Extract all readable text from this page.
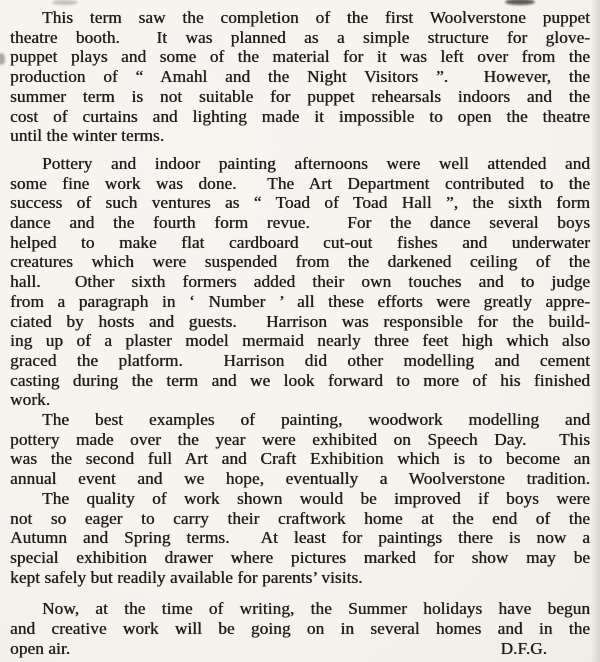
This term saw the completion of the first Woolverstone puppet
theatre booth.  It was planned as a simple structure for glove-
puppet plays and some of the material for it was left over from the
production of “ Amahl and the Night Visitors ”.  However, the
summer term is not suitable for puppet rehearsals indoors and the
cost of curtains and lighting made it impossible to open the theatre
until the winter terms.
Pottery and indoor painting afternoons were well attended and
some fine work was done.  The Art Department contributed to the
success of such ventures as “ Toad of Toad Hall ”, the sixth form
dance and the fourth form revue.  For the dance several boys
helped to make flat cardboard cut-out fishes and underwater
creatures which were suspended from the darkened ceiling of the
hall.  Other sixth formers added their own touches and to judge
from a paragraph in ‘ Number ’ all these efforts were greatly appre-
ciated by hosts and guests.  Harrison was responsible for the build-
ing up of a plaster model mermaid nearly three feet high which also
graced the platform.  Harrison did other modelling and cement
casting during the term and we look forward to more of his finished
work.
The best examples of painting, woodwork modelling and
pottery made over the year were exhibited on Speech Day.  This
was the second full Art and Craft Exhibition which is to become an
annual event and we hope, eventually a Woolverstone tradition.
The quality of work shown would be improved if boys were
not so eager to carry their craftwork home at the end of the
Autumn and Spring terms.  At least for paintings there is now a
special exhibition drawer where pictures marked for show may be
kept safely but readily available for parents’ visits.
Now, at the time of writing, the Summer holidays have begun
and creative work will be going on in several homes and in the
open air.	D.F.G.
